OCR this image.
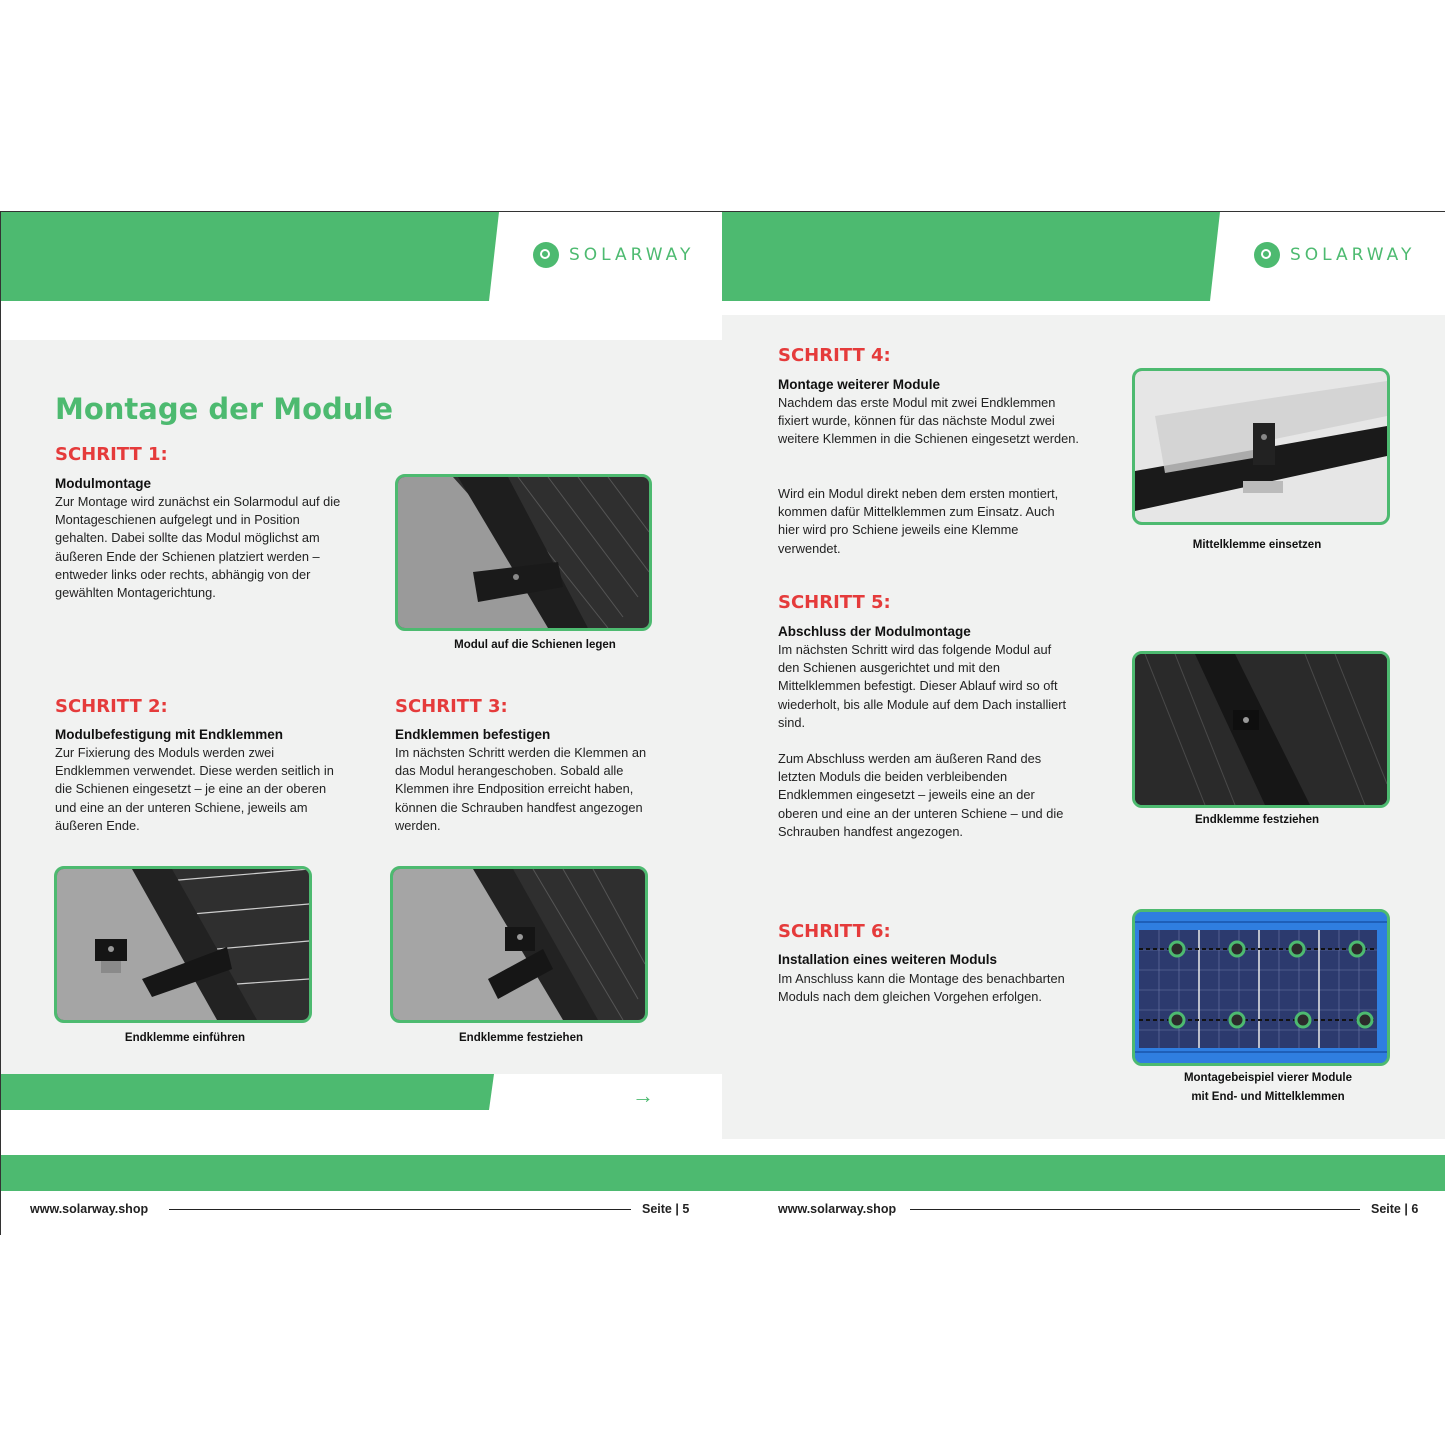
SOLARWAY
Montage der Module
SCHRITT 1:
Modulmontage
Zur Montage wird zunächst ein Solarmodul auf die Montageschienen aufgelegt und in Position gehalten. Dabei sollte das Modul möglichst am äußeren Ende der Schienen platziert werden – entweder links oder rechts, abhängig von der gewählten Montagerichtung.
Modul auf die Schienen legen
SCHRITT 2:
Modulbefestigung mit Endklemmen
Zur Fixierung des Moduls werden zwei Endklemmen verwendet. Diese werden seitlich in die Schienen eingesetzt – je eine an der oberen und eine an der unteren Schiene, jeweils am äußeren Ende.
Endklemme einführen
SCHRITT 3:
Endklemmen befestigen
Im nächsten Schritt werden die Klemmen an das Modul herangeschoben. Sobald alle Klemmen ihre Endposition erreicht haben, können die Schrauben handfest angezogen werden.
Endklemme festziehen
→
www.solarway.shop	Seite | 5
SOLARWAY
SCHRITT 4:
Montage weiterer Module
Nachdem das erste Modul mit zwei Endklemmen fixiert wurde, können für das nächste Modul zwei weitere Klemmen in die Schienen eingesetzt werden.
Wird ein Modul direkt neben dem ersten montiert, kommen dafür Mittelklemmen zum Einsatz. Auch hier wird pro Schiene jeweils eine Klemme verwendet.	Mittelklemme einsetzen
SCHRITT 5:
Abschluss der Modulmontage
Im nächsten Schritt wird das folgende Modul auf den Schienen ausgerichtet und mit den Mittelklemmen befestigt. Dieser Ablauf wird so oft wiederholt, bis alle Module auf dem Dach installiert sind.
Zum Abschluss werden am äußeren Rand des letzten Moduls die beiden verbleibenden Endklemmen eingesetzt – jeweils eine an der oberen und eine an der unteren Schiene – und die Schrauben handfest angezogen.
Endklemme festziehen
SCHRITT 6:
Installation eines weiteren Moduls
Im Anschluss kann die Montage des benachbarten Moduls nach dem gleichen Vorgehen erfolgen.
Montagebeispiel vierer Module
mit End- und Mittelklemmen
www.solarway.shop	Seite | 6
